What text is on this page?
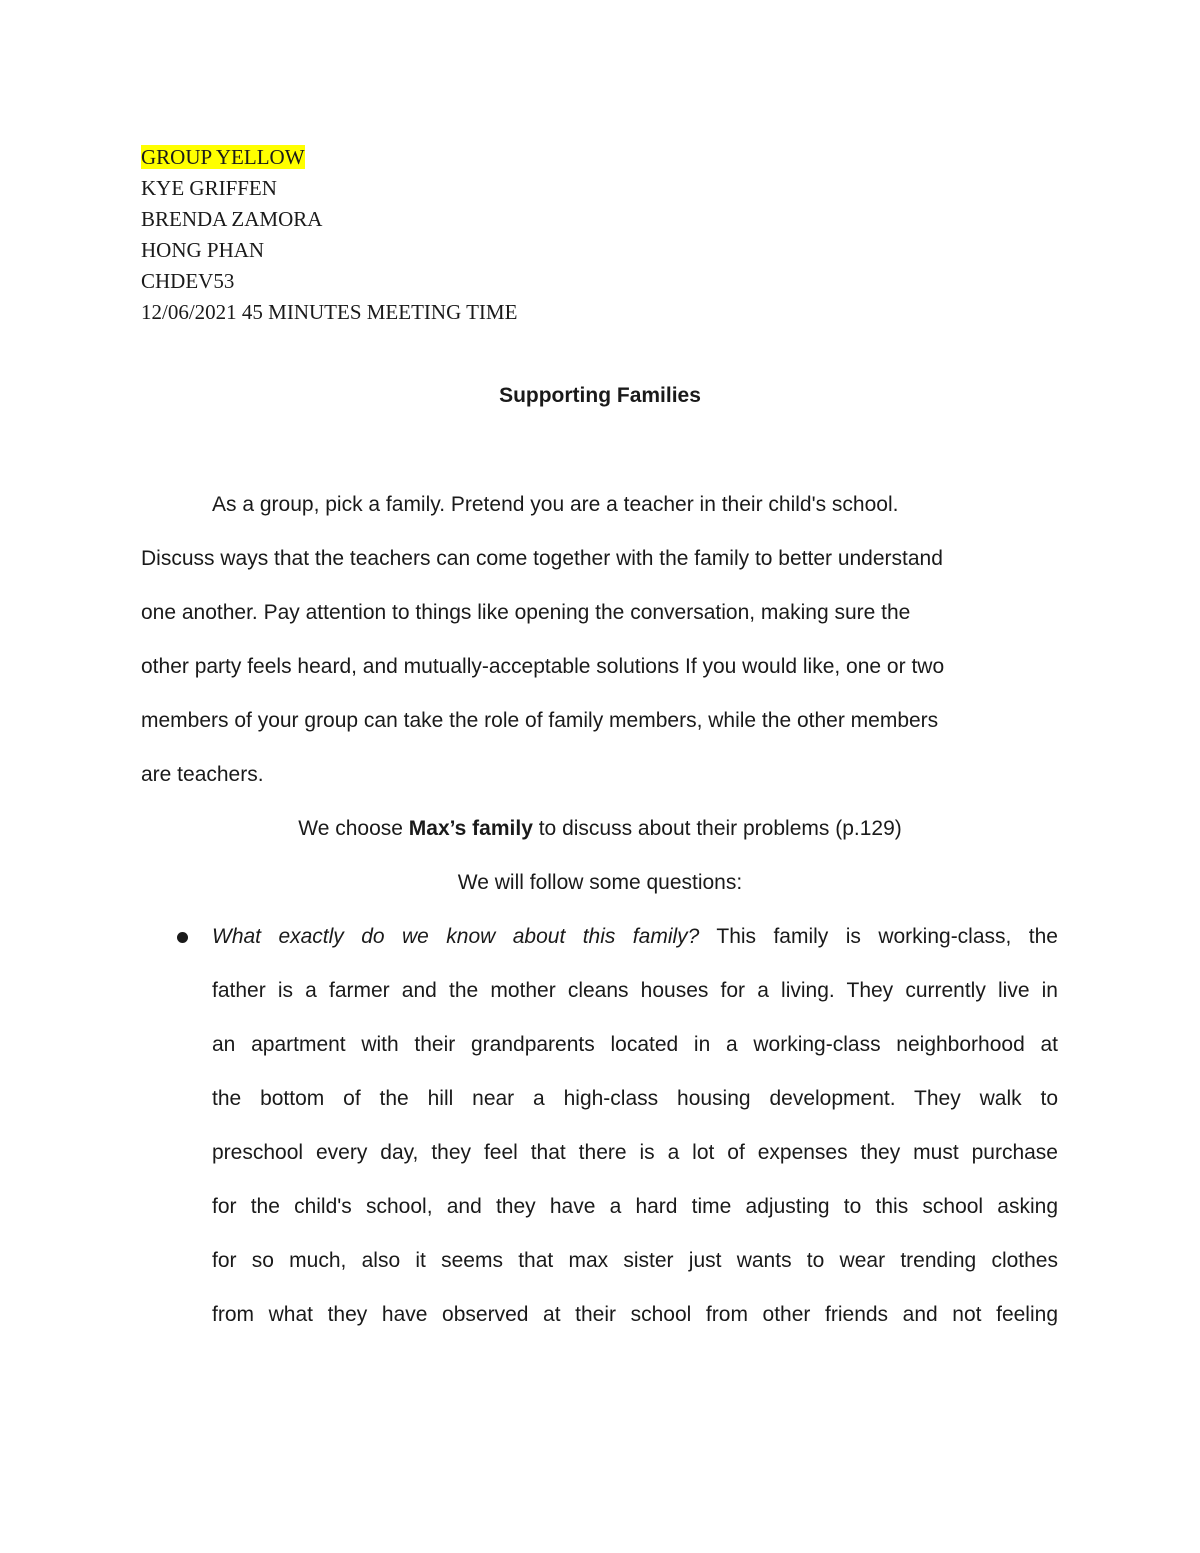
GROUP YELLOW
KYE GRIFFEN
BRENDA ZAMORA
HONG PHAN
CHDEV53
12/06/2021 45 MINUTES MEETING TIME
Supporting Families
As a group, pick a family. Pretend you are a teacher in their child's school.
Discuss ways that the teachers can come together with the family to better understand
one another. Pay attention to things like opening the conversation, making sure the
other party feels heard, and mutually-acceptable solutions If you would like, one or two
members of your group can take the role of family members, while the other members
are teachers.
We choose Max’s family to discuss about their problems (p.129)
We will follow some questions:
What exactly do we know about this family? This family is working-class, the
father is a farmer and the mother cleans houses for a living. They currently live in
an apartment with their grandparents located in a working-class neighborhood at
the bottom of the hill near a high-class housing development. They walk to
preschool every day, they feel that there is a lot of expenses they must purchase
for the child's school, and they have a hard time adjusting to this school asking
for so much, also it seems that max sister just wants to wear trending clothes
from what they have observed at their school from other friends and not feeling
